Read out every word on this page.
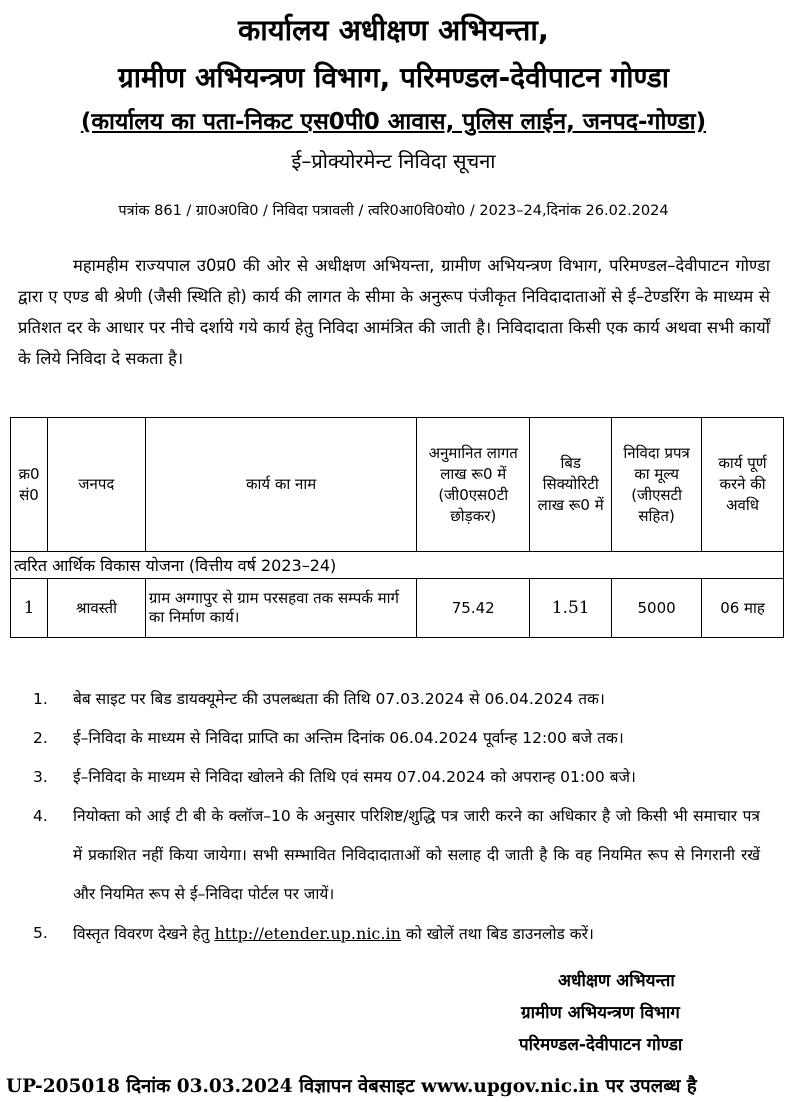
कार्यालय अधीक्षण अभियन्ता,
ग्रामीण अभियन्त्रण विभाग, परिमण्डल-देवीपाटन गोण्डा
(कार्यालय का पता-निकट एस0पी0 आवास, पुलिस लाईन, जनपद-गोण्डा)
ई–प्रोक्योरमेन्ट निविदा सूचना
पत्रांक 861 / ग्रा0अ0वि0 / निविदा पत्रावली / त्वरि0आ0वि0यो0 / 2023–24,दिनांक 26.02.2024

महामहीम राज्यपाल उ0प्र0 की ओर से अधीक्षण अभियन्ता, ग्रामीण अभियन्त्रण विभाग, परिमण्डल–देवीपाटन गोण्डा द्वारा ए एण्ड बी श्रेणी (जैसी स्थिति हो) कार्य की लागत के सीमा के अनुरूप पंजीकृत निविदादाताओं से ई–टेण्डरिंग के माध्यम से प्रतिशत दर के आधार पर नीचे दर्शाये गये कार्य हेतु निविदा आमंत्रित की जाती है। निविदादाता किसी एक कार्य अथवा सभी कार्यों के लिये निविदा दे सकता है।

क्र0 सं0	जनपद	कार्य का नाम	अनुमानित लागत लाख रू0 में (जी0एस0टी छोड़कर)	बिड सिक्योरिटी लाख रू0 में	निविदा प्रपत्र का मूल्य (जीएसटी सहित)	कार्य पूर्ण करने की अवधि
त्वरित आर्थिक विकास योजना (वित्तीय वर्ष 2023–24)						
1	श्रावस्ती	ग्राम अग्गापुर से ग्राम परसहवा तक सम्पर्क मार्ग का निर्माण कार्य।	75.42	1.51	5000	06 माह
1. बेब साइट पर बिड डायक्यूमेन्ट की उपलब्धता की तिथि 07.03.2024 से 06.04.2024 तक।
2. ई–निविदा के माध्यम से निविदा प्राप्ति का अन्तिम दिनांक 06.04.2024 पूर्वान्ह 12:00 बजे तक।
3. ई–निविदा के माध्यम से निविदा खोलने की तिथि एवं समय 07.04.2024 को अपरान्ह 01:00 बजे।
4. नियोक्ता को आई टी बी के क्लॉज–10 के अनुसार परिशिष्ट/शुद्धि पत्र जारी करने का अधिकार है जो किसी भी समाचार पत्र में प्रकाशित नहीं किया जायेगा। सभी सम्भावित निविदादाताओं को सलाह दी जाती है कि वह नियमित रूप से निगरानी रखें और नियमित रूप से ई–निविदा पोर्टल पर जायें।
5. विस्तृत विवरण देखने हेतु http://etender.up.nic.in को खोलें तथा बिड डाउनलोड करें।
अधीक्षण अभियन्ता
ग्रामीण अभियन्त्रण विभाग
परिमण्डल-देवीपाटन गोण्डा
UP-205018 दिनांक 03.03.2024 विज्ञापन वेबसाइट www.upgov.nic.in पर उपलब्ध है
